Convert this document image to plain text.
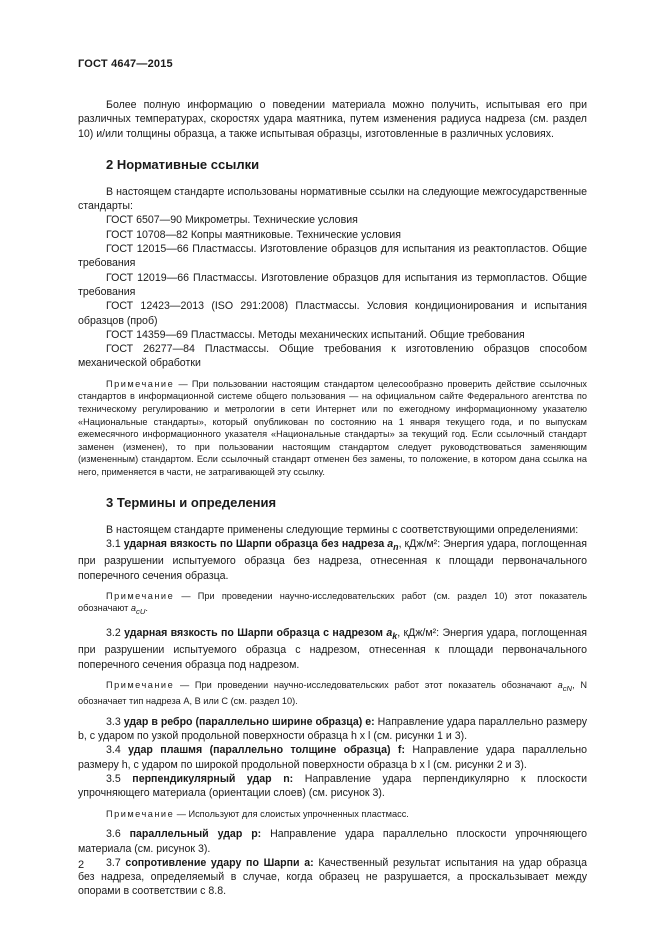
ГОСТ 4647—2015

Более полную информацию о поведении материала можно получить, испытывая его при различных температурах, скоростях удара маятника, путем изменения радиуса надреза (см. раздел 10) и/или толщины образца, а также испытывая образцы, изготовленные в различных условиях.

2 Нормативные ссылки

В настоящем стандарте использованы нормативные ссылки на следующие межгосударственные стандарты:

ГОСТ 6507—90 Микрометры. Технические условия

ГОСТ 10708—82 Копры маятниковые. Технические условия

ГОСТ 12015—66 Пластмассы. Изготовление образцов для испытания из реактопластов. Общие требования

ГОСТ 12019—66 Пластмассы. Изготовление образцов для испытания из термопластов. Общие требования

ГОСТ 12423—2013 (ISO 291:2008) Пластмассы. Условия кондиционирования и испытания образцов (проб)

ГОСТ 14359—69 Пластмассы. Методы механических испытаний. Общие требования

ГОСТ 26277—84 Пластмассы. Общие требования к изготовлению образцов способом механической обработки

Примечание — При пользовании настоящим стандартом целесообразно проверить действие ссылочных стандартов в информационной системе общего пользования — на официальном сайте Федерального агентства по техническому регулированию и метрологии в сети Интернет или по ежегодному информационному указателю «Национальные стандарты», который опубликован по состоянию на 1 января текущего года, и по выпускам ежемесячного информационного указателя «Национальные стандарты» за текущий год. Если ссылочный стандарт заменен (изменен), то при пользовании настоящим стандартом следует руководствоваться заменяющим (измененным) стандартом. Если ссылочный стандарт отменен без замены, то положение, в котором дана ссылка на него, применяется в части, не затрагивающей эту ссылку.

3 Термины и определения

В настоящем стандарте применены следующие термины с соответствующими определениями:

3.1 ударная вязкость по Шарпи образца без надреза $a_n$, кДж/м²: Энергия удара, поглощенная при разрушении испытуемого образца без надреза, отнесенная к площади первоначального поперечного сечения образца.

Примечание — При проведении научно-исследовательских работ (см. раздел 10) этот показатель обозначают $a_{cU}$.

3.2 ударная вязкость по Шарпи образца с надрезом $a_k$, кДж/м²: Энергия удара, поглощенная при разрушении испытуемого образца с надрезом, отнесенная к площади первоначального поперечного сечения образца под надрезом.

Примечание — При проведении научно-исследовательских работ этот показатель обозначают $a_{cN}$, N обозначает тип надреза A, B или C (см. раздел 10).

3.3 удар в ребро (параллельно ширине образца) e: Направление удара параллельно размеру b, с ударом по узкой продольной поверхности образца h x l (см. рисунки 1 и 3).

3.4 удар плашмя (параллельно толщине образца) f: Направление удара параллельно размеру h, с ударом по широкой продольной поверхности образца b x l (см. рисунки 2 и 3).

3.5 перпендикулярный удар n: Направление удара перпендикулярно к плоскости упрочняющего материала (ориентации слоев) (см. рисунок 3).

Примечание — Используют для слоистых упрочненных пластмасс.

3.6 параллельный удар p: Направление удара параллельно плоскости упрочняющего материала (см. рисунок 3).

3.7 сопротивление удару по Шарпи a: Качественный результат испытания на удар образца без надреза, определяемый в случае, когда образец не разрушается, а проскальзывает между опорами в соответствии с 8.8.

2
